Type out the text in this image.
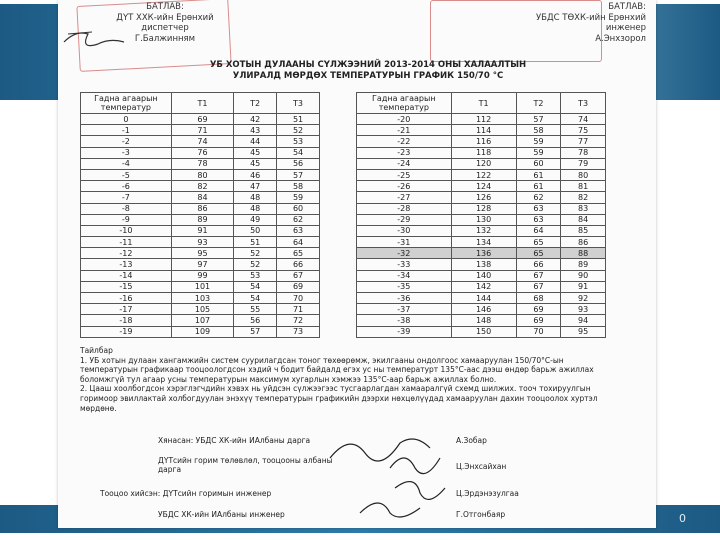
0
БАТЛАВ:
ДҮТ ХХК-ийн Ерөнхий
диспетчер
Г.Балжинням
БАТЛАВ:
УБДС ТӨХК-ийн Ерөнхий
инженер
А.Энхзорол
УБ ХОТЫН ДУЛААНЫ СҮЛЖЭЭНИЙ 2013-2014 ОНЫ ХАЛААЛТЫН
УЛИРАЛД МӨРДӨХ ТЕМПЕРАТУРЫН ГРАФИК 150/70 °С
Гадна агаарын температур	Т1	Т2	Т3
0	69	42	51
-1	71	43	52
-2	74	44	53
-3	76	45	54
-4	78	45	56
-5	80	46	57
-6	82	47	58
-7	84	48	59
-8	86	48	60
-9	89	49	62
-10	91	50	63
-11	93	51	64
-12	95	52	65
-13	97	52	66
-14	99	53	67
-15	101	54	69
-16	103	54	70
-17	105	55	71
-18	107	56	72
-19	109	57	73
Гадна агаарын температур	Т1	Т2	Т3
-20	112	57	74
-21	114	58	75
-22	116	59	77
-23	118	59	78
-24	120	60	79
-25	122	61	80
-26	124	61	81
-27	126	62	82
-28	128	63	83
-29	130	63	84
-30	132	64	85
-31	134	65	86
-32	136	65	88
-33	138	66	89
-34	140	67	90
-35	142	67	91
-36	144	68	92
-37	146	69	93
-38	148	69	94
-39	150	70	95
Тайлбар
1. УБ хотын дулаан хангамжийн систем суурилагдсан тоног төхөөрөмж, экилгааны ондолгоос хамааруулан 150/70°С-ын температурын графикаар тооцоологдсон хэдий ч бодит байдалд егэх ус ны температурт 135°С-аас дээш өндөр барьж ажиллах боломжгүй тул агаар усны температурын максимум хугарлын хэмжээ 135°С-аар барьж ажиллах болно.
2. Цааш хоолбогдсон хэрэглэгчдийн хэвэх нь уйдсэн сүлжээгээс тусгаарлагдан хамааралгүй схемд шилжих. тооч тохируулгын горимоор эвиллактай холбогдуулан энэхүү температурын графикийн дээрхи нөхцөлүүдад хамааруулан дахин тооцоолох хуртэл мөрдөнө.
Хянасан: УБДС ХК-ийн ИАлбаны дарга	А.Зобар
ДҮТсийн горим төлөвлөл, тооцооны албаны дарга	Ц.Энхсайхан
Тооцоо хийсэн: ДҮТсийн горимын инженер	Ц.Эрдэнэзулгаа
УБДС ХК-ийн ИАлбаны инженер	Г.Отгонбаяр
